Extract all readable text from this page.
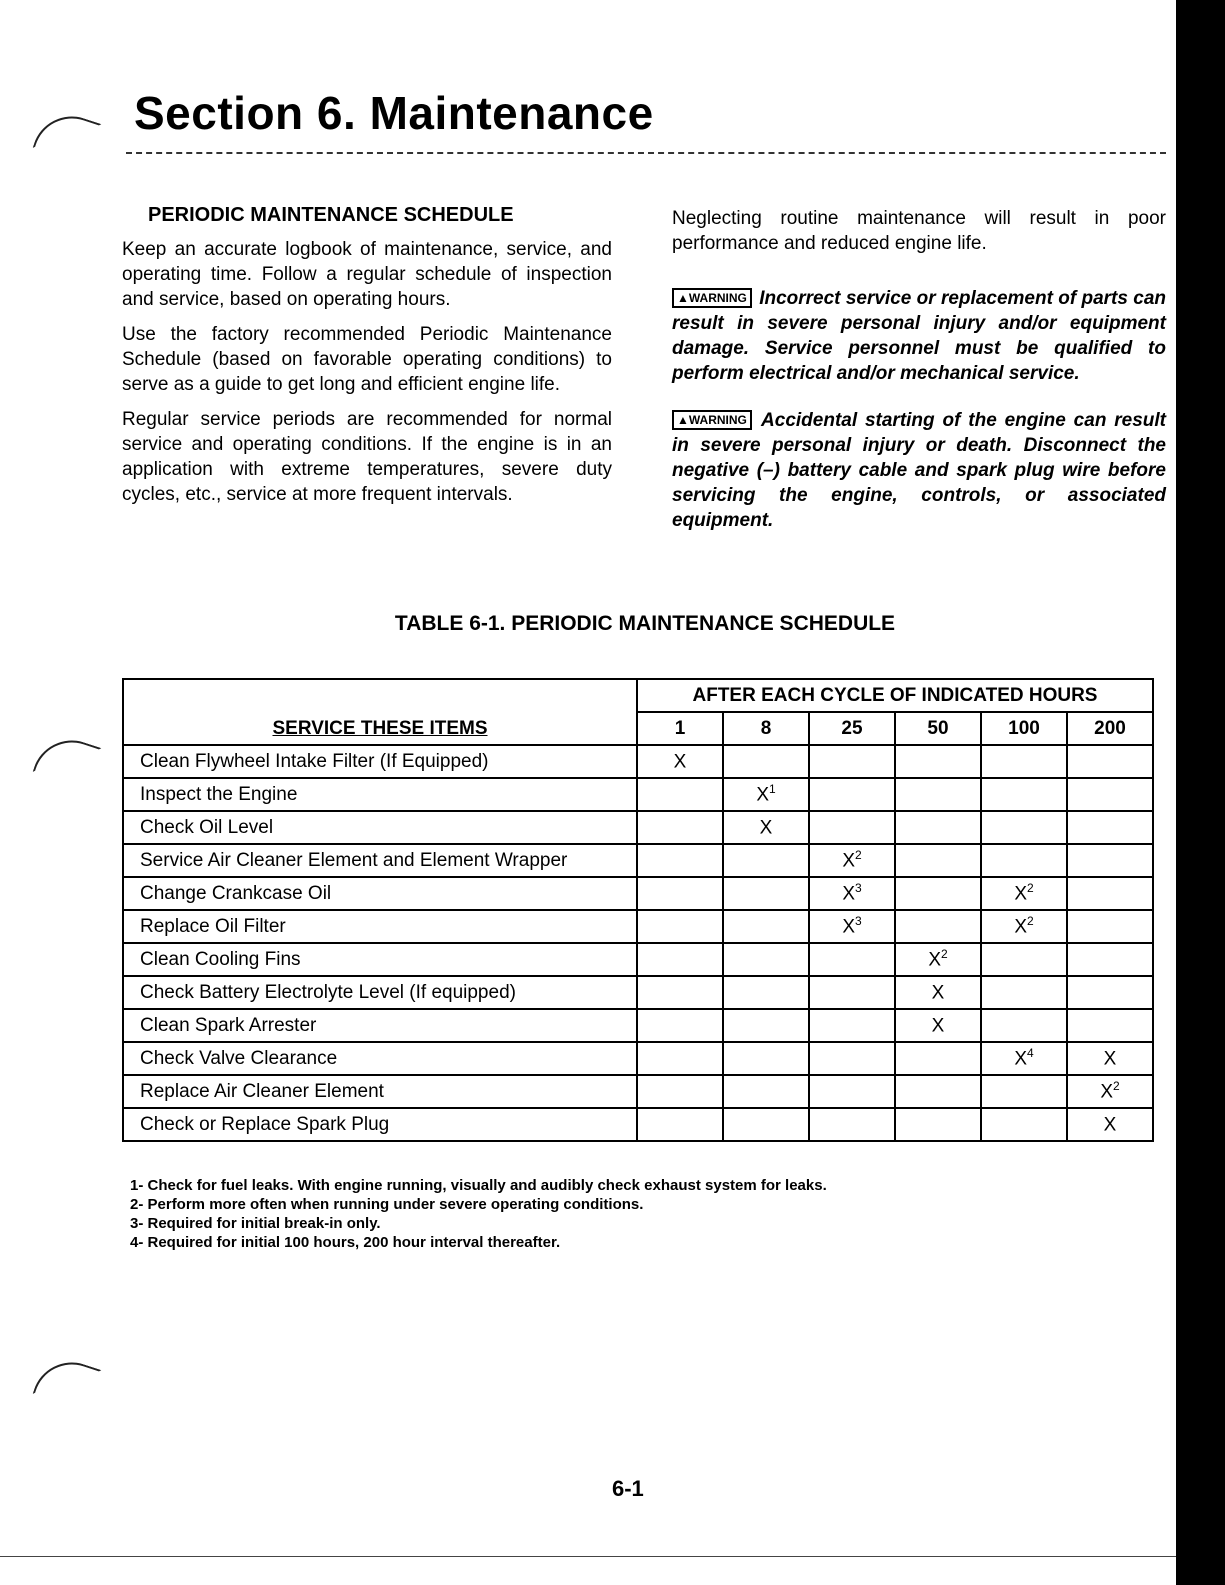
Section 6. Maintenance
PERIODIC MAINTENANCE SCHEDULE

Keep an accurate logbook of maintenance, service, and operating time. Follow a regular schedule of inspection and service, based on operating hours.

Use the factory recommended Periodic Maintenance Schedule (based on favorable operating conditions) to serve as a guide to get long and efficient engine life.

Regular service periods are recommended for normal service and operating conditions. If the engine is in an application with extreme temperatures, severe duty cycles, etc., service at more frequent intervals.

Neglecting routine maintenance will result in poor performance and reduced engine life.

▲WARNING Incorrect service or replacement of parts can result in severe personal injury and/or equipment damage. Service personnel must be qualified to perform electrical and/or mechanical service.

▲WARNING Accidental starting of the engine can result in severe personal injury or death. Disconnect the negative (–) battery cable and spark plug wire before servicing the engine, controls, or associated equipment.

TABLE 6-1. PERIODIC MAINTENANCE SCHEDULE
SERVICE THESE ITEMS	AFTER EACH CYCLE OF INDICATED HOURS					
	1	8	25	50	100	200
Clean Flywheel Intake Filter (If Equipped)	X					
Inspect the Engine		$X^1$				
Check Oil Level		X				
Service Air Cleaner Element and Element Wrapper			$X^2$			
Change Crankcase Oil			$X^3$		$X^2$	
Replace Oil Filter			$X^3$		$X^2$	
Clean Cooling Fins				$X^2$		
Check Battery Electrolyte Level (If equipped)				X		
Clean Spark Arrester				X		
Check Valve Clearance					$X^4$	X
Replace Air Cleaner Element						$X^2$
Check or Replace Spark Plug						X

1- Check for fuel leaks. With engine running, visually and audibly check exhaust system for leaks.

2- Perform more often when running under severe operating conditions.

3- Required for initial break-in only.

4- Required for initial 100 hours, 200 hour interval thereafter.

6-1
